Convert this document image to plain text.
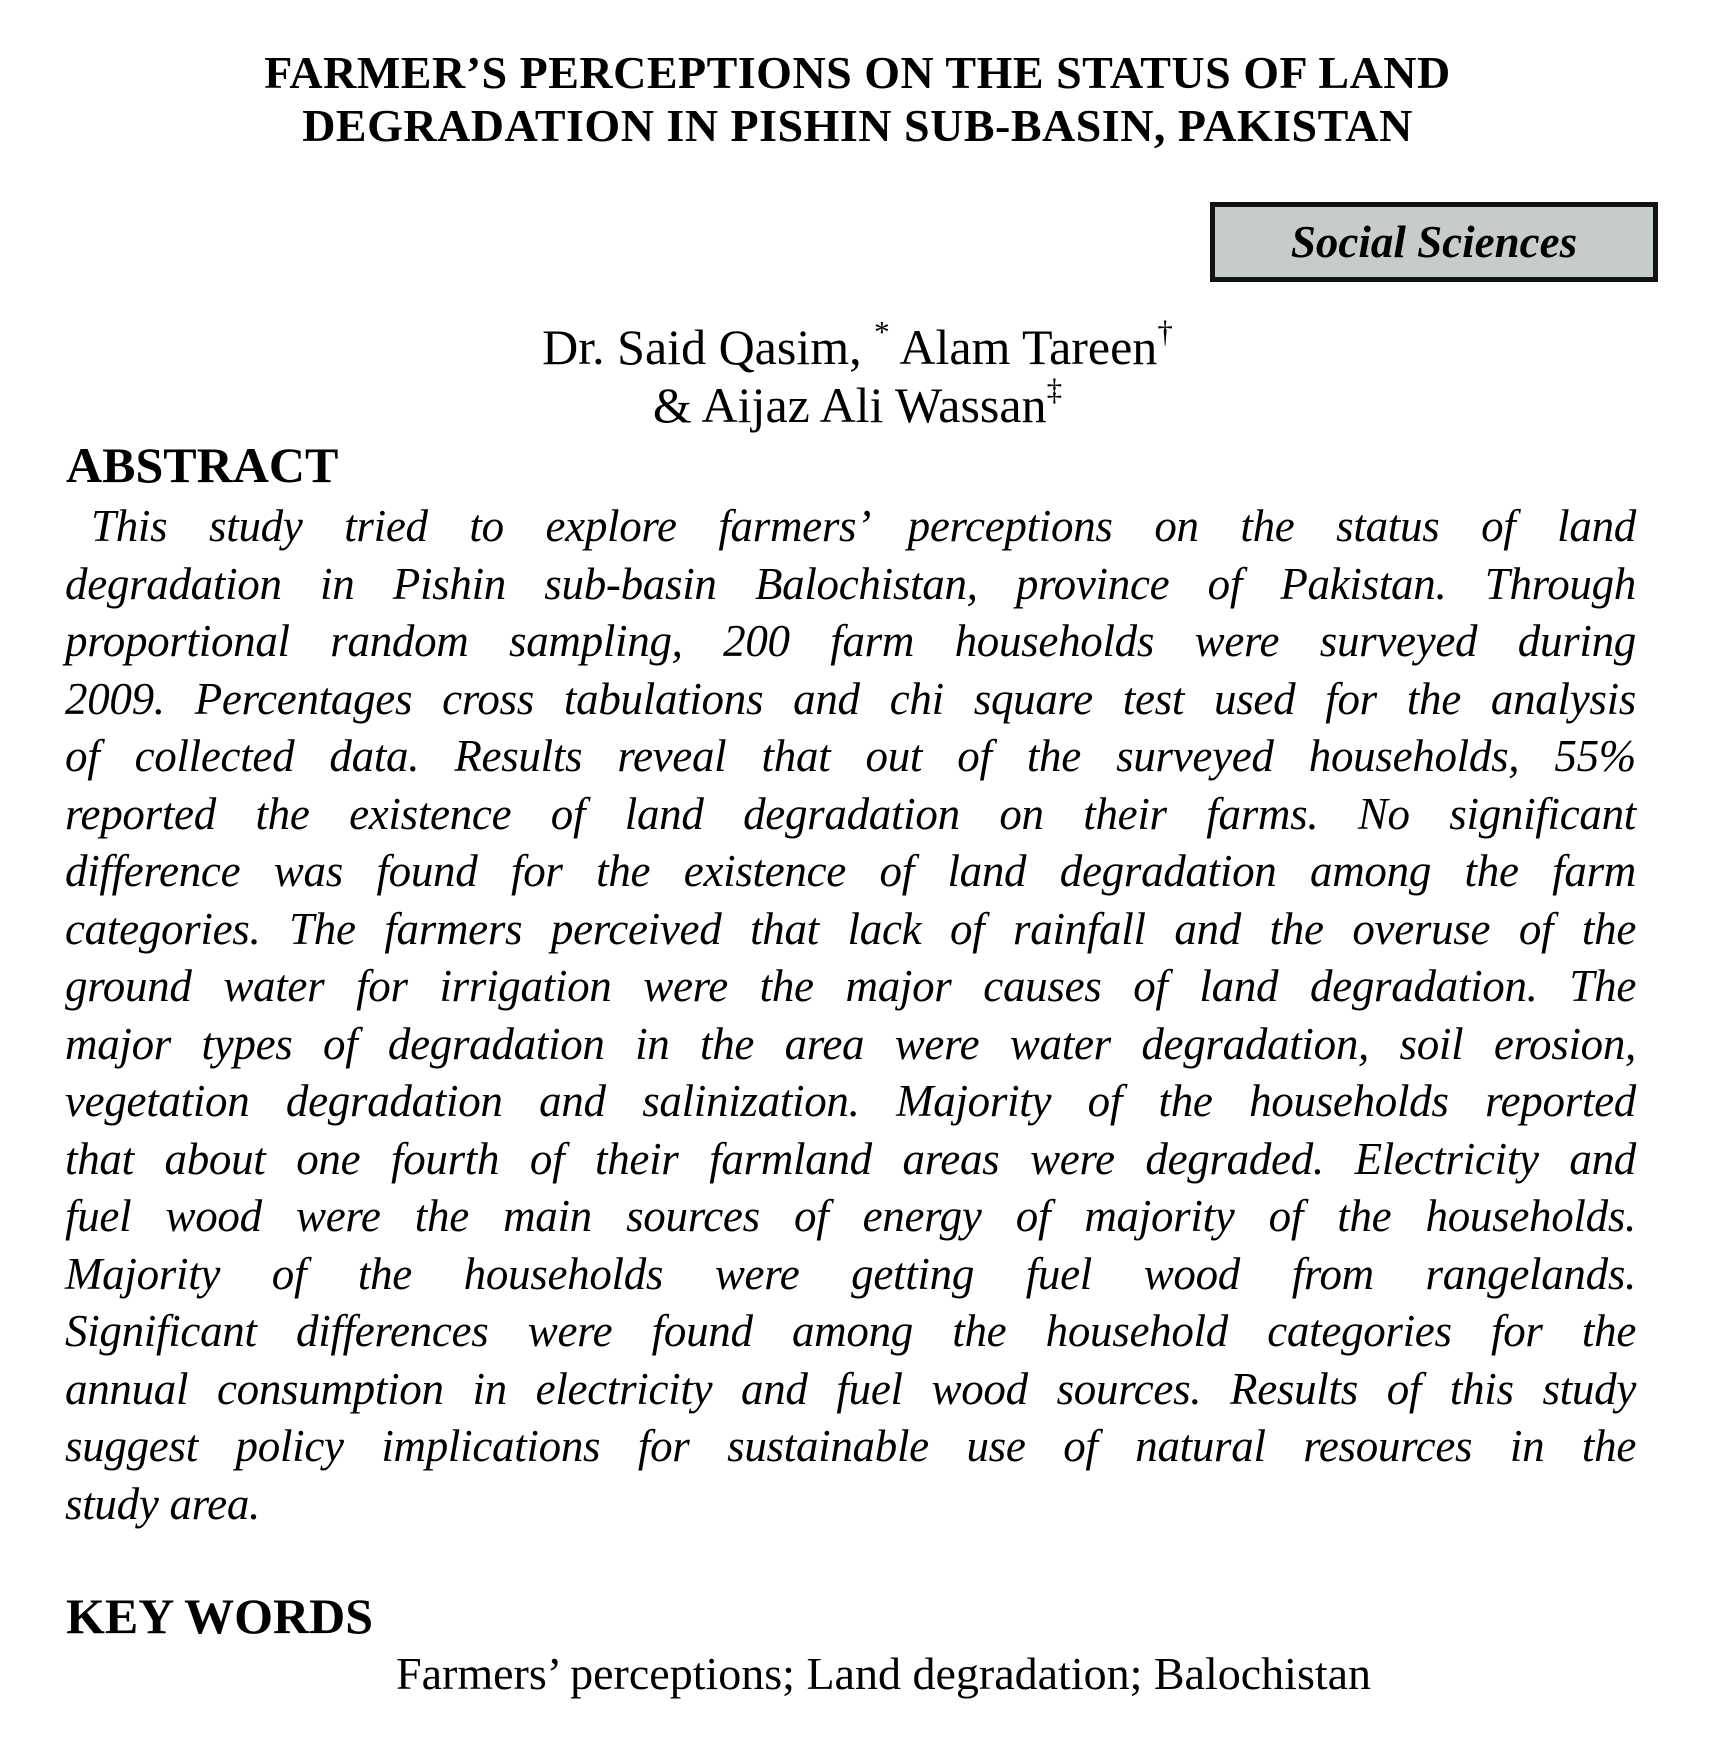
FARMER’S PERCEPTIONS ON THE STATUS OF LAND
DEGRADATION IN PISHIN SUB-BASIN, PAKISTAN
Social Sciences
Dr. Said Qasim, * Alam Tareen†
& Aijaz Ali Wassan‡
ABSTRACT
This study tried to explore farmers’ perceptions on the status of land
degradation in Pishin sub-basin Balochistan, province of Pakistan. Through
proportional random sampling, 200 farm households were surveyed during
2009. Percentages cross tabulations and chi square test used for the analysis
of collected data. Results reveal that out of the surveyed households, 55%
reported the existence of land degradation on their farms. No significant
difference was found for the existence of land degradation among the farm
categories. The farmers perceived that lack of rainfall and the overuse of the
ground water for irrigation were the major causes of land degradation. The
major types of degradation in the area were water degradation, soil erosion,
vegetation degradation and salinization. Majority of the households reported
that about one fourth of their farmland areas were degraded. Electricity and
fuel wood were the main sources of energy of majority of the households.
Majority of the households were getting fuel wood from rangelands.
Significant differences were found among the household categories for the
annual consumption in electricity and fuel wood sources. Results of this study
suggest policy implications for sustainable use of natural resources in the
study area.
KEY WORDS
Farmers’ perceptions; Land degradation; Balochistan
